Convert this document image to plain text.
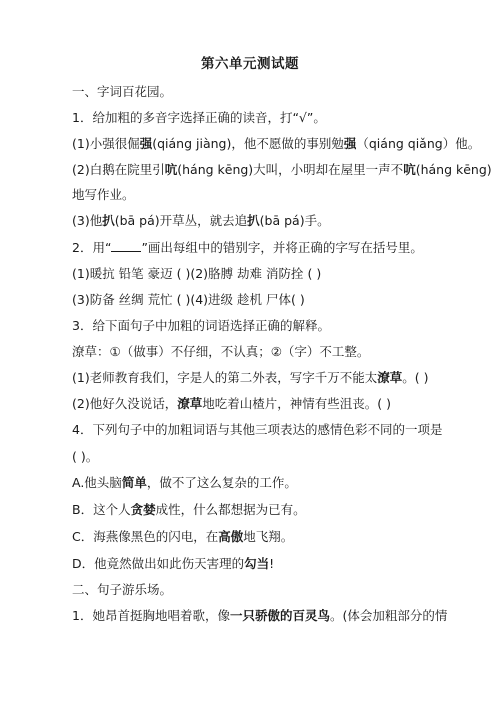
第六单元测试题
一、字词百花园。
1．给加粗的多音字选择正确的读音，打“√”。
(1)小强很倔强(qiáng jiàng)，他不愿做的事别勉强（qiáng qiǎng）他。
(2)白鹅在院里引吭(háng kēng)大叫，小明却在屋里一声不吭(háng kēng)
地写作业。
(3)他扒(bā pá)开草丛，就去追扒(bā pá)手。
2．用“ ”画出每组中的错别字，并将正确的字写在括号里。
(1)暖抗 铅笔 豪迈 ( )(2)胳膊 劫难 消防拴 ( )
(3)防备 丝绸 荒忙 ( )(4)进级 趁机 尸体( )
3．给下面句子中加粗的词语选择正确的解释。
潦草：①（做事）不仔细，不认真；②（字）不工整。
(1)老师教育我们，字是人的第二外表，写字千万不能太潦草。( )
(2)他好久没说话，潦草地吃着山楂片，神情有些沮丧。( )
4．下列句子中的加粗词语与其他三项表达的感情色彩不同的一项是
( )。
A.他头脑简单，做不了这么复杂的工作。
B．这个人贪婪成性，什么都想据为已有。
C．海燕像黑色的闪电，在高傲地飞翔。
D．他竟然做出如此伤天害理的勾当!
二、句子游乐场。
1．她昂首挺胸地唱着歌，像一只骄傲的百灵鸟。(体会加粗部分的情
